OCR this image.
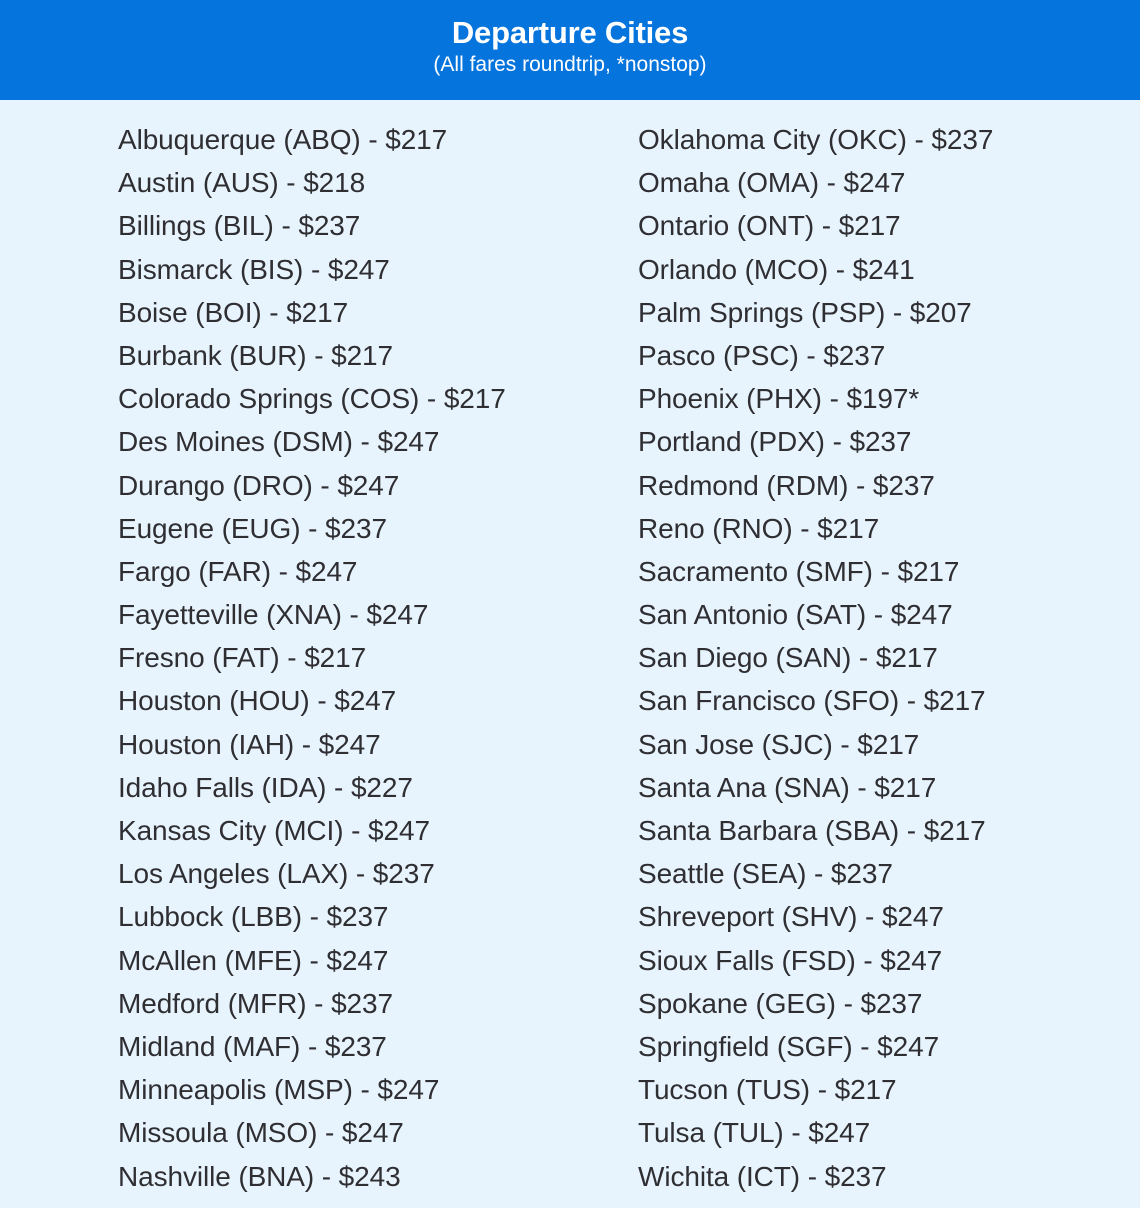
Departure Cities
(All fares roundtrip, *nonstop)
Albuquerque (ABQ) - $217
Austin (AUS) - $218
Billings (BIL) - $237
Bismarck (BIS) - $247
Boise (BOI) - $217
Burbank (BUR) - $217
Colorado Springs (COS) - $217
Des Moines (DSM) - $247
Durango (DRO) - $247
Eugene (EUG) - $237
Fargo (FAR) - $247
Fayetteville (XNA) - $247
Fresno (FAT) - $217
Houston (HOU) - $247
Houston (IAH) - $247
Idaho Falls (IDA) - $227
Kansas City (MCI) - $247
Los Angeles (LAX) - $237
Lubbock (LBB) - $237
McAllen (MFE) - $247
Medford (MFR) - $237
Midland (MAF) - $237
Minneapolis (MSP) - $247
Missoula (MSO) - $247
Nashville (BNA) - $243
Oklahoma City (OKC) - $237
Omaha (OMA) - $247
Ontario (ONT) - $217
Orlando (MCO) - $241
Palm Springs (PSP) - $207
Pasco (PSC) - $237
Phoenix (PHX) - $197*
Portland (PDX) - $237
Redmond (RDM) - $237
Reno (RNO) - $217
Sacramento (SMF) - $217
San Antonio (SAT) - $247
San Diego (SAN) - $217
San Francisco (SFO) - $217
San Jose (SJC) - $217
Santa Ana (SNA) - $217
Santa Barbara (SBA) - $217
Seattle (SEA) - $237
Shreveport (SHV) - $247
Sioux Falls (FSD) - $247
Spokane (GEG) - $237
Springfield (SGF) - $247
Tucson (TUS) - $217
Tulsa (TUL) - $247
Wichita (ICT) - $237
